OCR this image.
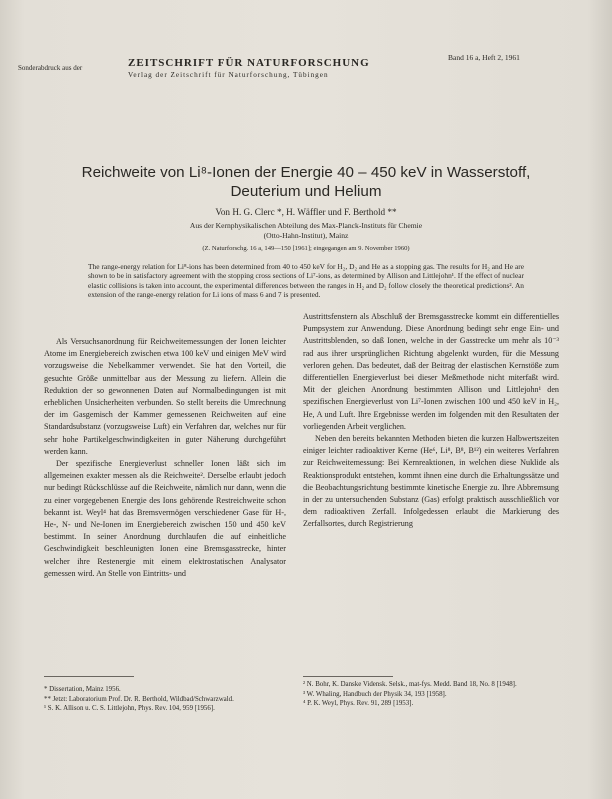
Sonderabdruck aus der	ZEITSCHRIFT FÜR NATURFORSCHUNG
Verlag der Zeitschrift für Naturforschung, Tübingen
Band 16 a, Heft 2, 1961
Reichweite von Li⁸-Ionen der Energie 40 – 450 keV in Wasserstoff,
Deuterium und Helium
Von H. G. Clerc *, H. Wäffler und F. Berthold **
Aus der Kernphysikalischen Abteilung des Max-Planck-Instituts für Chemie
(Otto-Hahn-Institut), Mainz
(Z. Naturforschg. 16 a, 149—150 [1961]; eingegangen am 9. November 1960)
The range-energy relation for Li⁸-ions has been determined from 40 to 450 keV for H₂, D₂ and He as a stopping gas. The results for H₂ and He are shown to be in satisfactory agreement with the stopping cross sections of Li⁷-ions, as determined by Allison and Littlejohn¹. If the effect of nuclear elastic collisions is taken into account, the experimental differences between the ranges in H₂ and D₂ follow closely the theoretical predictions². An extension of the range-energy relation for Li ions of mass 6 and 7 is presented.

Als Versuchsanordnung für Reichweitemessungen der Ionen leichter Atome im Energiebereich zwischen etwa 100 keV und einigen MeV wird vorzugsweise die Nebelkammer verwendet. Sie hat den Vorteil, die gesuchte Größe unmittelbar aus der Messung zu liefern. Allein die Reduktion der so gewonnenen Daten auf Normalbedingungen ist mit erheblichen Unsicherheiten verbunden. So stellt bereits die Umrechnung der im Gasgemisch der Kammer gemessenen Reichweiten auf eine Standardsubstanz (vorzugsweise Luft) ein Verfahren dar, welches nur für sehr hohe Partikelgeschwindigkeiten in guter Näherung durchgeführt werden kann.

Der spezifische Energieverlust schneller Ionen läßt sich im allgemeinen exakter messen als die Reichweite². Derselbe erlaubt jedoch nur bedingt Rückschlüsse auf die Reichweite, nämlich nur dann, wenn die zu einer vorgegebenen Energie des Ions gehörende Restreichweite schon bekannt ist. Weyl⁴ hat das Bremsvermögen verschiedener Gase für H-, He-, N- und Ne-Ionen im Energiebereich zwischen 150 und 450 keV bestimmt. In seiner Anordnung durchlaufen die auf einheitliche Geschwindigkeit beschleunigten Ionen eine Bremsgasstrecke, hinter welcher ihre Restenergie mit einem elektrostatischen Analysator gemessen wird. An Stelle von Eintritts- und

Austrittsfenstern als Abschluß der Bremsgasstrecke kommt ein differentielles Pumpsystem zur Anwendung. Diese Anordnung bedingt sehr enge Ein- und Austrittsblenden, so daß Ionen, welche in der Gasstrecke um mehr als 10⁻³ rad aus ihrer ursprünglichen Richtung abgelenkt wurden, für die Messung verloren gehen. Das bedeutet, daß der Beitrag der elastischen Kernstöße zum differentiellen Energieverlust bei dieser Meßmethode nicht miterfaßt wird. Mit der gleichen Anordnung bestimmten Allison und Littlejohn¹ den spezifischen Energieverlust von Li⁷-Ionen zwischen 100 und 450 keV in H₂, He, A und Luft. Ihre Ergebnisse werden im folgenden mit den Resultaten der vorliegenden Arbeit verglichen.

Neben den bereits bekannten Methoden bieten die kurzen Halbwertszeiten einiger leichter radioaktiver Kerne (He⁶, Li⁸, B⁸, B¹²) ein weiteres Verfahren zur Reichweitemessung: Bei Kernreaktionen, in welchen diese Nuklide als Reaktionsprodukt entstehen, kommt ihnen eine durch die Erhaltungssätze und die Beobachtungsrichtung bestimmte kinetische Energie zu. Ihre Abbremsung in der zu untersuchenden Substanz (Gas) erfolgt praktisch ausschließlich vor dem radioaktiven Zerfall. Infolgedessen erlaubt die Markierung des Zerfallsortes, durch Registrierung

* Dissertation, Mainz 1956.
** Jetzt: Laboratorium Prof. Dr. R. Berthold, Wildbad/Schwarzwald.
¹ S. K. Allison u. C. S. Littlejohn, Phys. Rev. 104, 959 [1956].
² N. Bohr, K. Danske Vidensk. Selsk., mat-fys. Medd. Band 18, No. 8 [1948].
³ W. Whaling, Handbuch der Physik 34, 193 [1958].
⁴ P. K. Weyl, Phys. Rev. 91, 289 [1953].
